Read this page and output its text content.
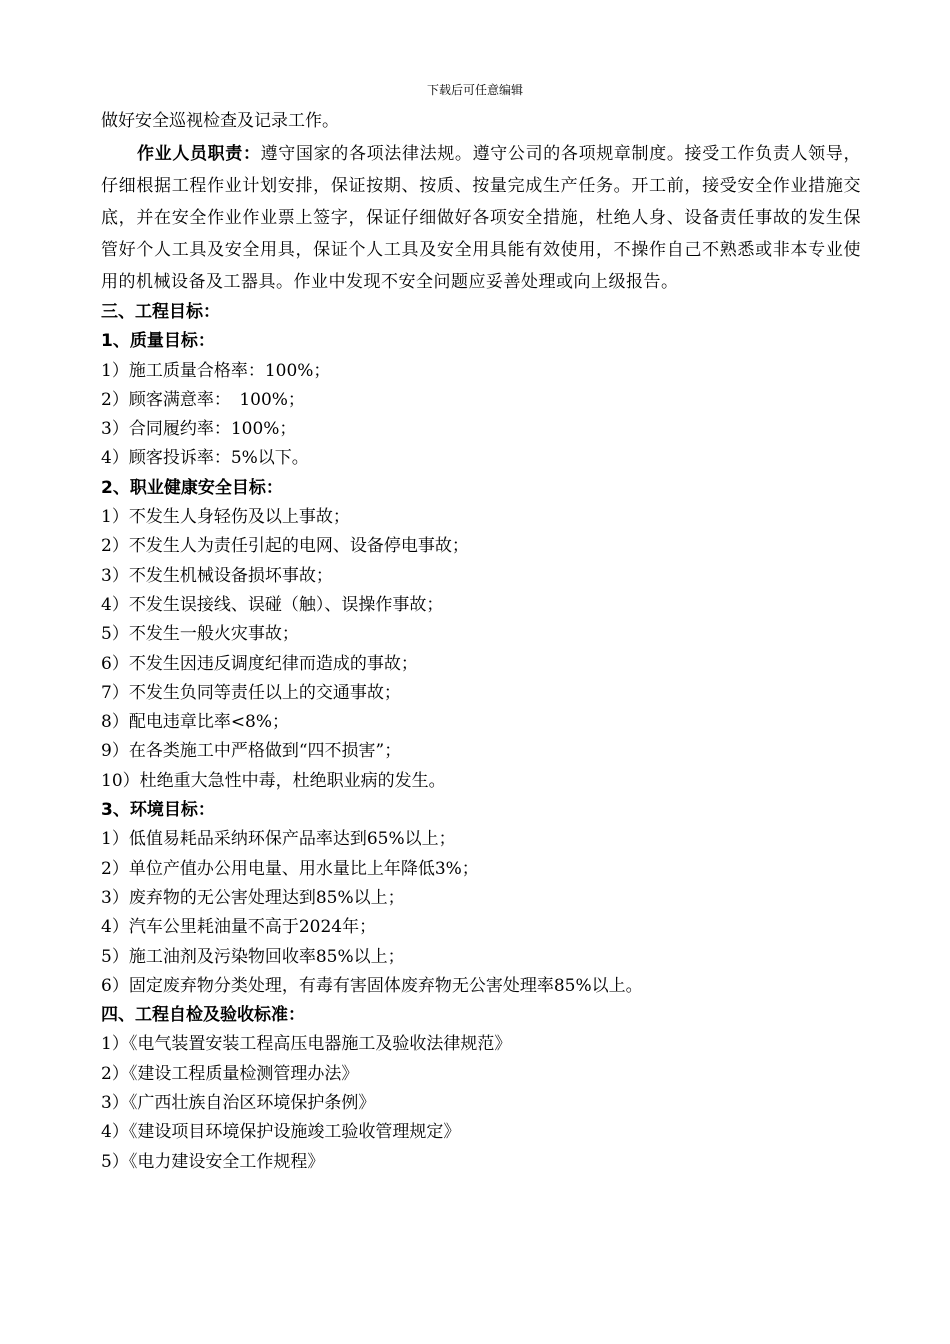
下载后可任意编辑

做好安全巡视检查及记录工作。

作业人员职责：遵守国家的各项法律法规。遵守公司的各项规章制度。接受工作负责人领导，仔细根据工程作业计划安排，保证按期、按质、按量完成生产任务。开工前，接受安全作业措施交底，并在安全作业作业票上签字，保证仔细做好各项安全措施，杜绝人身、设备责任事故的发生保管好个人工具及安全用具，保证个人工具及安全用具能有效使用，不操作自己不熟悉或非本专业使用的机械设备及工器具。作业中发现不安全问题应妥善处理或向上级报告。

三、工程目标：

1、质量目标：

1）施工质量合格率：100%；

2）顾客满意率：　100%；

3）合同履约率：100%；

4）顾客投诉率：5%以下。

2、职业健康安全目标：

1）不发生人身轻伤及以上事故；

2）不发生人为责任引起的电网、设备停电事故；

3）不发生机械设备损坏事故；

4）不发生误接线、误碰（触）、误操作事故；

5）不发生一般火灾事故；

6）不发生因违反调度纪律而造成的事故；

7）不发生负同等责任以上的交通事故；

8）配电违章比率<8%；

9）在各类施工中严格做到“四不损害”；

10）杜绝重大急性中毒，杜绝职业病的发生。

3、环境目标：

1）低值易耗品采纳环保产品率达到65%以上；

2）单位产值办公用电量、用水量比上年降低3%；

3）废弃物的无公害处理达到85%以上；

4）汽车公里耗油量不高于2024年；

5）施工油剂及污染物回收率85%以上；

6）固定废弃物分类处理，有毒有害固体废弃物无公害处理率85%以上。

四、工程自检及验收标准：

1）《电气装置安装工程高压电器施工及验收法律规范》

2）《建设工程质量检测管理办法》

3）《广西壮族自治区环境保护条例》

4）《建设项目环境保护设施竣工验收管理规定》

5）《电力建设安全工作规程》
